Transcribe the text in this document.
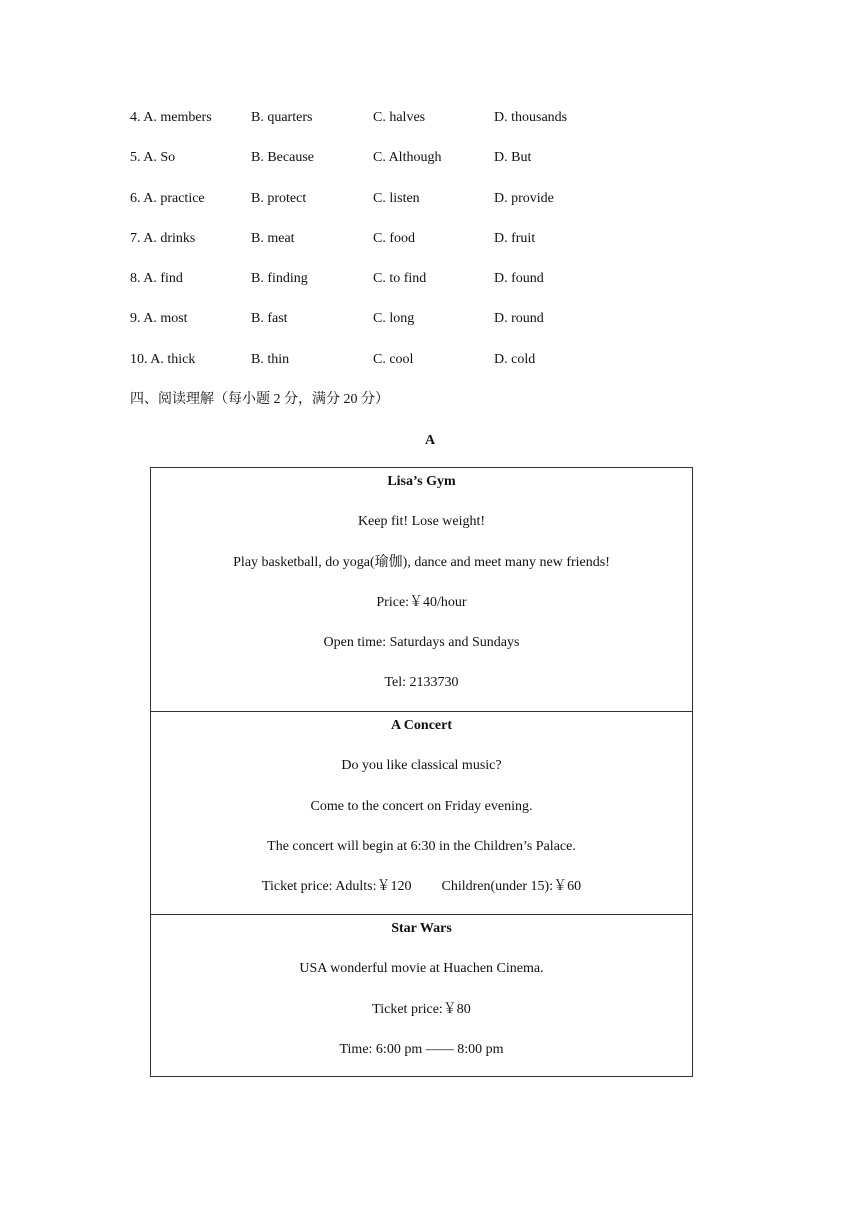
4. A. members	B. quarters	C. halves	D. thousands
5. A. So	B. Because	C. Although	D. But
6. A. practice	B. protect	C. listen	D. provide
7. A. drinks	B. meat	C. food	D. fruit
8. A. find	B. finding	C. to find	D. found
9. A. most	B. fast	C. long	D. round
10. A. thick	B. thin	C. cool	D. cold
四、阅读理解（每小题 2 分，满分 20 分）
A
Lisa’s Gym
Keep fit! Lose weight!
Play basketball, do yoga(瑜伽), dance and meet many new friends!
Price:￥40/hour
Open time: Saturdays and Sundays
Tel: 2133730
A Concert
Do you like classical music?
Come to the concert on Friday evening.
The concert will begin at 6:30 in the Children’s Palace.
Ticket price: Adults:￥120 Children(under 15):￥60
Star Wars
USA wonderful movie at Huachen Cinema.
Ticket price:￥80
Time: 6:00 pm —— 8:00 pm
